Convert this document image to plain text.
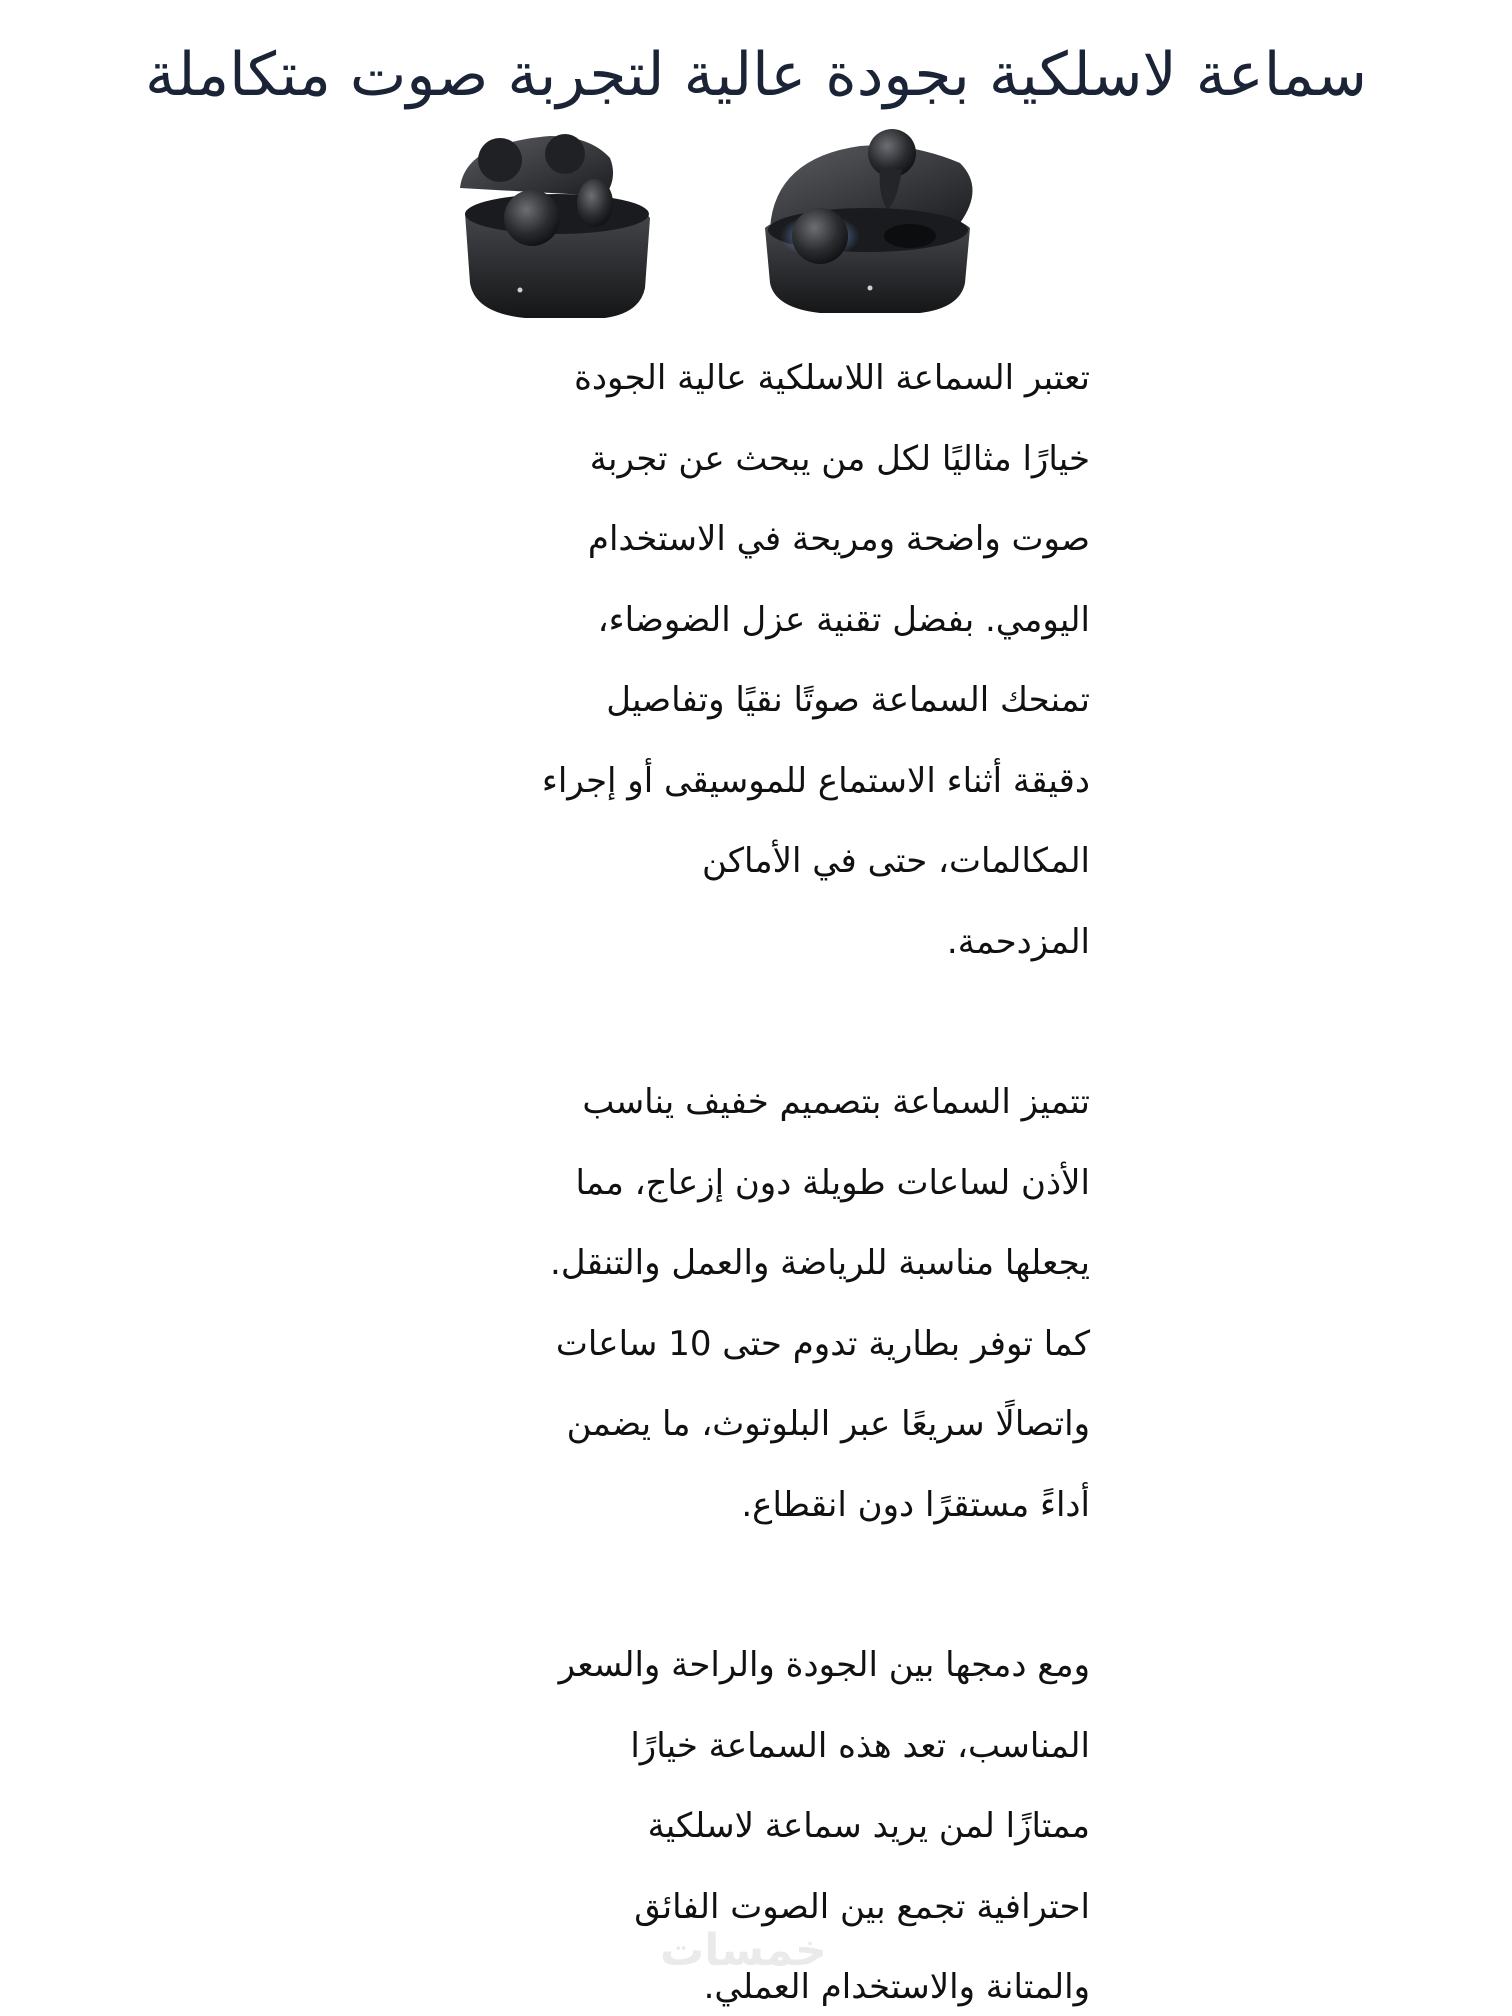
سماعة لاسلكية بجودة عالية لتجربة صوت متكاملة

تعتبر السماعة اللاسلكية عالية الجودة
خيارًا مثاليًا لكل من يبحث عن تجربة
صوت واضحة ومريحة في الاستخدام
اليومي. بفضل تقنية عزل الضوضاء،
تمنحك السماعة صوتًا نقيًا وتفاصيل
دقيقة أثناء الاستماع للموسيقى أو إجراء
المكالمات، حتى في الأماكن
المزدحمة.

تتميز السماعة بتصميم خفيف يناسب
الأذن لساعات طويلة دون إزعاج، مما
يجعلها مناسبة للرياضة والعمل والتنقل.
كما توفر بطارية تدوم حتى 10 ساعات
واتصالًا سريعًا عبر البلوتوث، ما يضمن
أداءً مستقرًا دون انقطاع.

ومع دمجها بين الجودة والراحة والسعر
المناسب، تعد هذه السماعة خيارًا
ممتازًا لمن يريد سماعة لاسلكية
احترافية تجمع بين الصوت الفائق
والمتانة والاستخدام العملي.

خمسات
